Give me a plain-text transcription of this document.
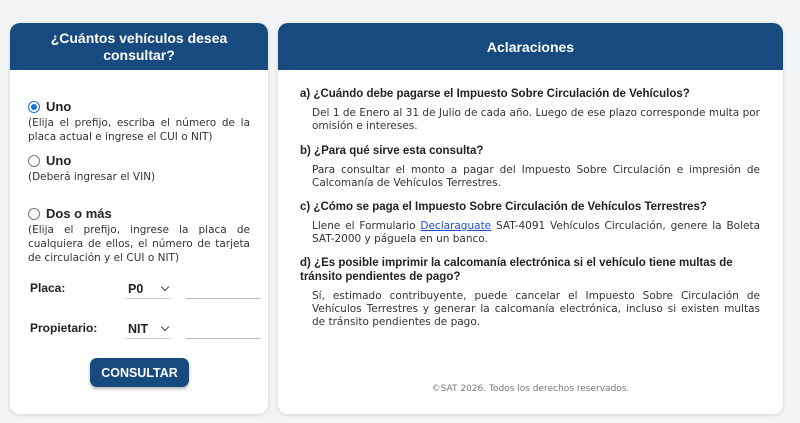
¿Cuántos vehículos desea consultar?
Uno
(Elija el prefijo, escriba el número de la placa actual e ingrese el CUI o NIT)
Uno
(Deberá ingresar el VIN)
Dos o más
(Elija el prefijo, ingrese la placa de cualquiera de ellos, el número de tarjeta de circulación y el CUI o NIT)
Placa:	P0
Propietario: NIT
CONSULTAR
Aclaraciones
a) ¿Cuándo debe pagarse el Impuesto Sobre Circulación de Vehículos?
Del 1 de Enero al 31 de Julio de cada año. Luego de ese plazo corresponde multa por omisión e intereses.
b) ¿Para qué sirve esta consulta?
Para consultar el monto a pagar del Impuesto Sobre Circulación e impresión de Calcomanía de Vehículos Terrestres.
c) ¿Cómo se paga el Impuesto Sobre Circulación de Vehículos Terrestres?
Llene el Formulario Declaraguate SAT-4091 Vehículos Circulación, genere la Boleta SAT-2000 y páguela en un banco.
d) ¿Es posible imprimir la calcomanía electrónica si el vehículo tiene multas de tránsito pendientes de pago?
Sí, estimado contribuyente, puede cancelar el Impuesto Sobre Circulación de Vehículos Terrestres y generar la calcomanía electrónica, incluso si existen multas de tránsito pendientes de pago.
©SAT 2026. Todos los derechos reservados.
